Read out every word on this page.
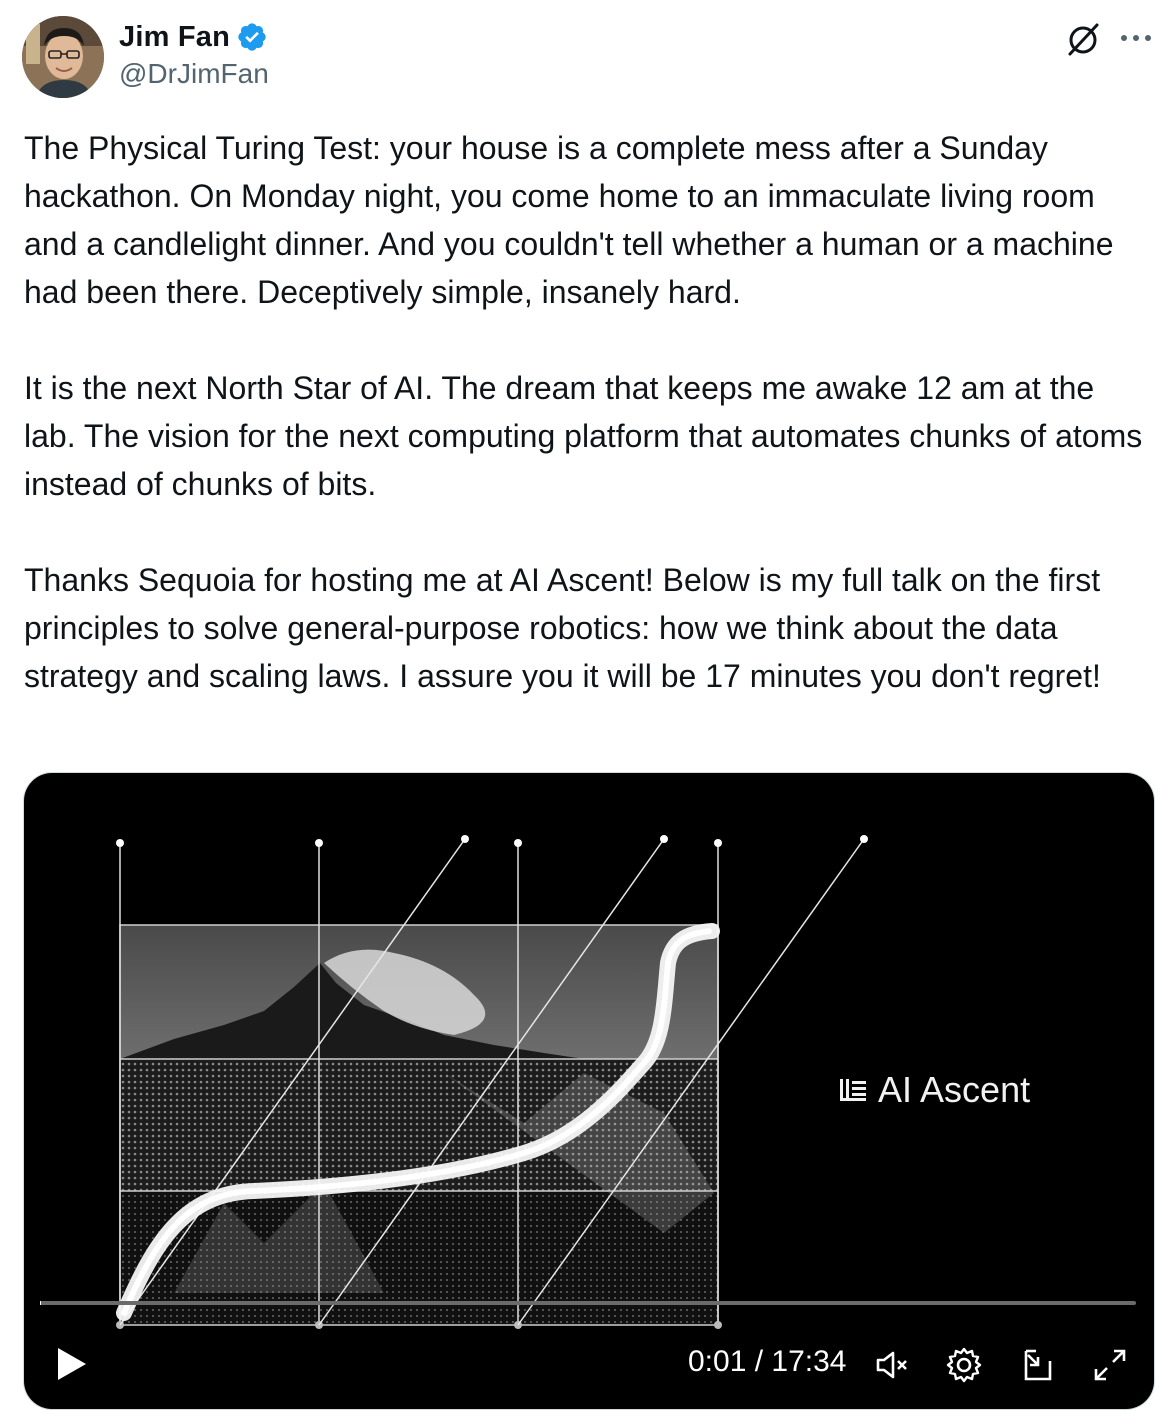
Jim Fan
@DrJimFan

The Physical Turing Test: your house is a complete mess after a Sunday hackathon. On Monday night, you come home to an immaculate living room and a candlelight dinner. And you couldn't tell whether a human or a machine had been there. Deceptively simple, insanely hard.

It is the next North Star of AI. The dream that keeps me awake 12 am at the lab. The vision for the next computing platform that automates chunks of atoms instead of chunks of bits.

Thanks Sequoia for hosting me at AI Ascent! Below is my full talk on the first principles to solve general-purpose robotics: how we think about the data strategy and scaling laws. I assure you it will be 17 minutes you don't regret!

AI Ascent
0:01 / 17:34
